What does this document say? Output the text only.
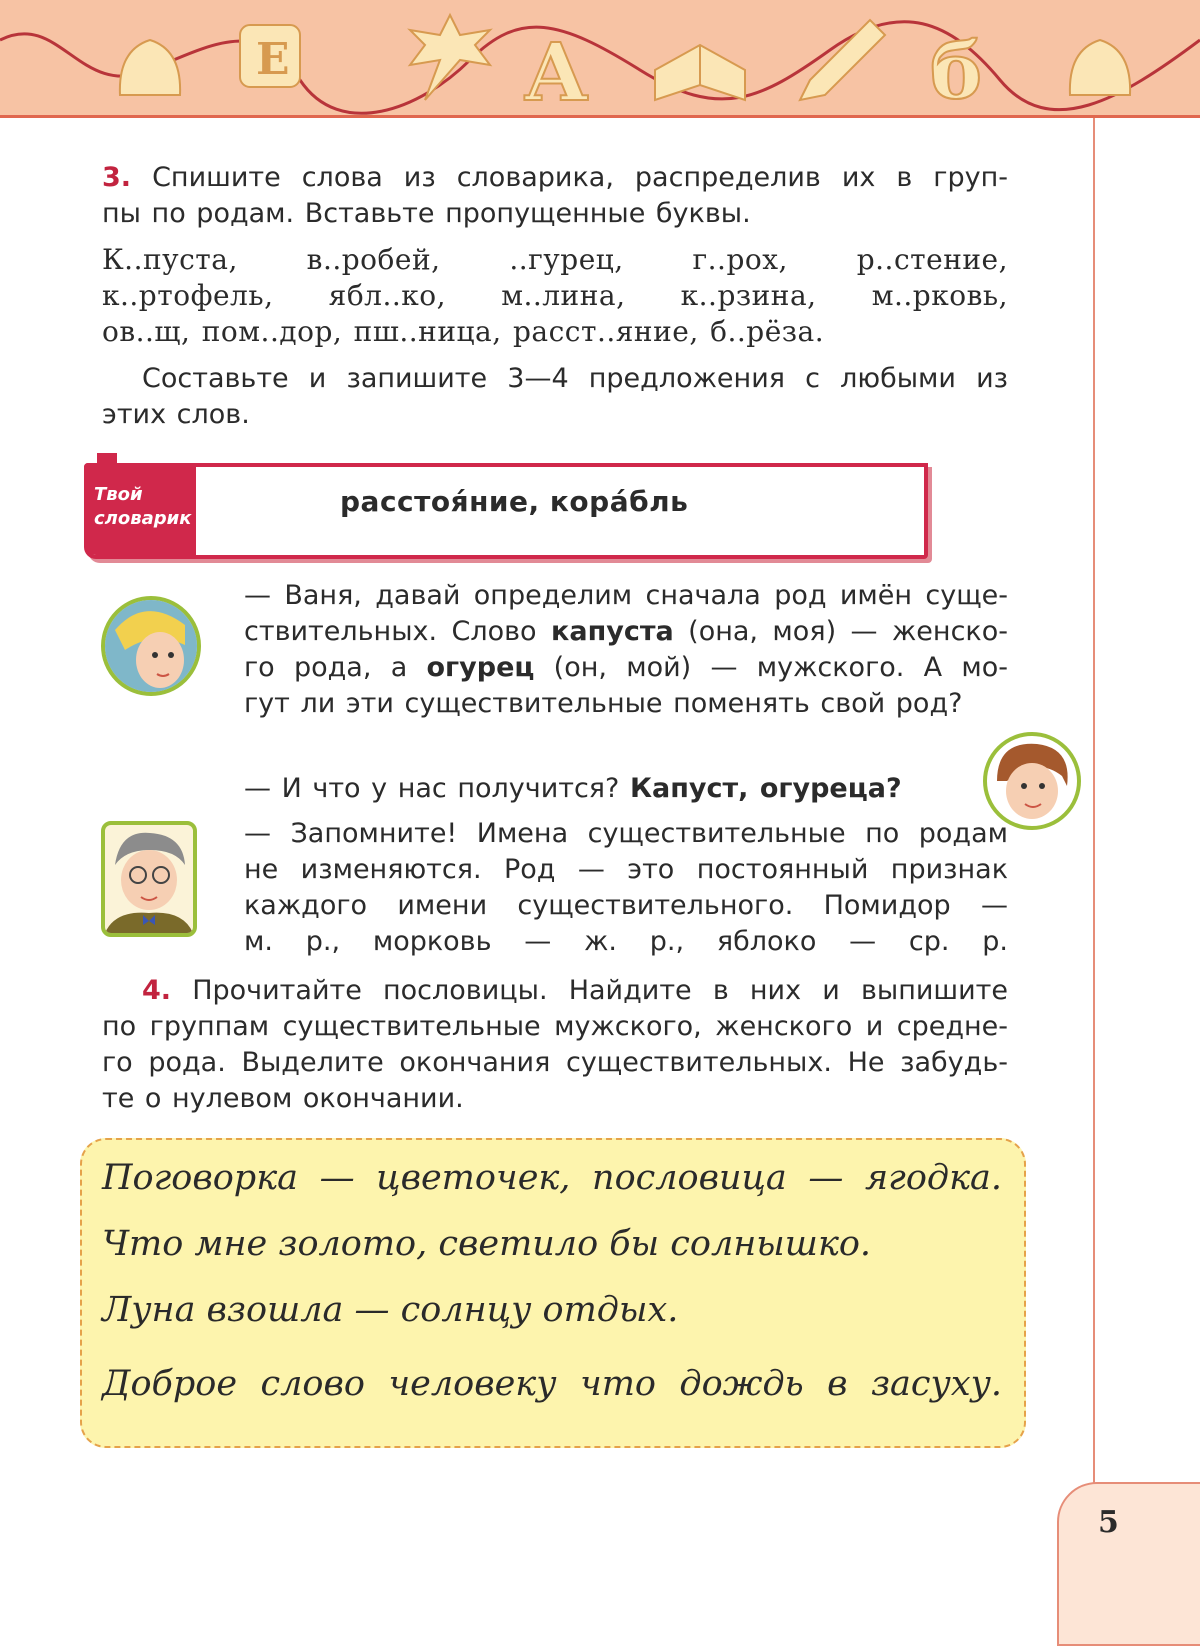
E	A	б
3. Спишите слова из словарика, распределив их в груп-
пы по родам. Вставьте пропущенные буквы.
К..пуста, в..робей, ..гурец, г..рох, р..стение,
к..ртофель, ябл..ко, м..лина, к..рзина, м..рковь,
ов..щ, пом..дор, пш..ница, расст..яние, б..рёза.
Составьте и запишите 3—4 предложения с любыми из
этих слов.
Твой
словарик
расстоя́ние, кора́бль
— Ваня, давай определим сначала род имён суще-
ствительных. Слово капуста (она, моя) — женско-
го рода, а огурец (он, мой) — мужского. А мо-
гут ли эти существительные поменять свой род?
— И что у нас получится? Капуст, огуреца?
— Запомните! Имена существительные по родам
не изменяются. Род — это постоянный признак
каждого имени существительного. Помидор —
м. р., морковь — ж. р., яблоко — ср. р.
4. Прочитайте пословицы. Найдите в них и выпишите
по группам существительные мужского, женского и средне-
го рода. Выделите окончания существительных. Не забудь-
те о нулевом окончании.
Поговорка — цветочек, пословица — ягодка.
Что мне золото, светило бы солнышко.
Луна взошла — солнцу отдых.
Доброе слово человеку что дождь в засуху.
5
